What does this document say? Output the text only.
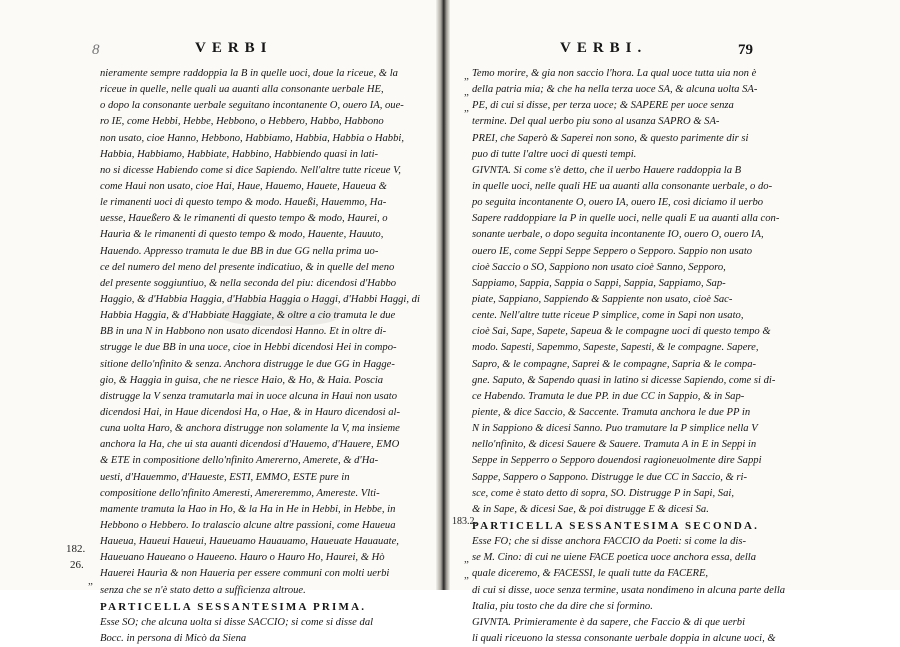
8	VERBI
nieramente sempre raddoppia la B in quelle uoci, doue la riceue, & la
riceue in quelle, nelle quali ua auanti alla consonante uerbale HE,
o dopo la consonante uerbale seguitano incontanente O, ouero IA, oue-
ro IE, come Hebbi, Hebbe, Hebbono, o Hebbero, Habbo, Habbono
non usato, cioe Hanno, Hebbono, Habbiamo, Habbia, Habbia o Habbi,
Habbia, Habbiamo, Habbiate, Habbino, Habbiendo quasi in lati-
no si dicesse Habiendo come si dice Sapiendo. Nell'altre tutte riceue V,
come Haui non usato, cioe Hai, Haue, Hauemo, Hauete, Haueua &
le rimanenti uoci di questo tempo & modo. Haueßi, Hauemmo, Ha-
uesse, Haueßero & le rimanenti di questo tempo & modo, Haurei, o
Haurìa & le rimanenti di questo tempo & modo, Hauente, Hauuto,
Hauendo. Appresso tramuta le due BB in due GG nella prima uo-
ce del numero del meno del presente indicatiuo, & in quelle del meno
del presente soggiuntiuo, & nella seconda del piu: dicendosi d'Habbo
Haggio, & d'Habbia Haggia, d'Habbia Haggia o Haggi, d'Habbi Haggi, di
Habbia Haggia, & d'Habbiate Haggiate, & oltre a cio tramuta le due
BB in una N in Habbono non usato dicendosi Hanno. Et in oltre di-
strugge le due BB in una uoce, cioe in Hebbi dicendosi Hei in compo-
sitione dello'nfinito & senza. Anchora distrugge le due GG in Hagge-
gio, & Haggia in guisa, che ne riesce Haio, & Ho, & Haia. Poscia
distrugge la V senza tramutarla mai in uoce alcuna in Haui non usato
dicendosi Hai, in Haue dicendosi Ha, o Hae, & in Hauro dicendosi al-
cuna uolta Haro, & anchora distrugge non solamente la V, ma insieme
anchora la Ha, che ui sta auanti dicendosi d'Hauemo, d'Hauere, EMO
& ETE in compositione dello'nfinito Amererno, Amerete, & d'Ha-
uesti, d'Hauemmo, d'Haueste, ESTI, EMMO, ESTE pure in
compositione dello'nfinito Ameresti, Amereremmo, Amereste. Vlti-
mamente tramuta la Hao in Ho, & la Ha in He in Hebbi, in Hebbe, in
Hebbono o Hebbero. Io tralascio alcune altre passioni, come Haueua
Haueua, Haueui Haueui, Haueuamo Hauauamo, Haueuate Hauauate,
Haueuano Haueano o Haueeno. Hauro o Hauro Ho, Haurei, & Hò
Hauerei Haurìa & non Haueria per essere communi con molti uerbi
senza che se n'è stato detto a sufficienza altroue.
PARTICELLA SESSANTESIMA PRIMA.
Esse SO; che alcuna uolta si disse SACCIO; si come si disse dal
Bocc. in persona di Micò da Siena
182.
26.
„
VERBI.	79
Temo morire, & gia non saccio l'hora. La qual uoce tutta uia non è
della patria mia; & che ha nella terza uoce SA, & alcuna uolta SA-
PE, di cui si disse, per terza uoce; & SAPERE per uoce senza
termine. Del qual uerbo piu sono al usanza SAPRO & SA-
PREI, che Saperò & Saperei non sono, & questo parimente dir si
puo di tutte l'altre uoci di questi tempi.
GIVNTA. Si come s'è detto, che il uerbo Hauere raddoppia la B
in quelle uoci, nelle quali HE ua auanti alla consonante uerbale, o do-
po seguita incontanente O, ouero IA, ouero IE, così diciamo il uerbo
Sapere raddoppiare la P in quelle uoci, nelle quali E ua auanti alla con-
sonante uerbale, o dopo seguita incontanente IO, ouero O, ouero IA,
ouero IE, come Seppi Seppe Seppero o Sepporo. Sappio non usato
cioè Saccio o SO, Sappiono non usato cioè Sanno, Sepporo,
Sappiamo, Sappia, Sappia o Sappi, Sappia, Sappiamo, Sap-
piate, Sappiano, Sappiendo & Sappiente non usato, cioè Sac-
cente. Nell'altre tutte riceue P simplice, come in Sapi non usato,
cioè Sai, Sape, Sapete, Sapeua & le compagne uoci di questo tempo &
modo. Sapesti, Sapemmo, Sapeste, Sapesti, & le compagne. Sapere,
Sapro, & le compagne, Saprei & le compagne, Sapria & le compa-
gne. Saputo, & Sapendo quasi in latino si dicesse Sapiendo, come si di-
ce Habendo. Tramuta le due PP. in due CC in Sappio, & in Sap-
piente, & dice Saccio, & Saccente. Tramuta anchora le due PP in
N in Sappiono & dicesi Sanno. Puo tramutare la P simplice nella V
nello'nfinito, & dicesi Sauere & Sauere. Tramuta A in E in Seppi in
Seppe in Sepperro o Sepporo douendosi ragioneuolmente dire Sappi
Sappe, Sappero o Sappono. Distrugge le due CC in Saccio, & ri-
sce, come è stato detto di sopra, SO. Distrugge P in Sapi, Sai,
& in Sape, & dicesi Sae, & poi distrugge E & dicesi Sa.
PARTICELLA SESSANTESIMA SECONDA.
Esse FO; che si disse anchora FACCIO da Poeti: si come la dis-
se M. Cino: di cui ne uiene FACE poetica uoce anchora essa, della
quale diceremo, & FACESSI, le quali tutte da FACERE,
di cui si disse, uoce senza termine, usata nondimeno in alcuna parte della
Italia, piu tosto che da dire che si formino.
GIVNTA. Primieramente è da sapere, che Faccio & di que uerbi
li quali riceuono la stessa consonante uerbale doppia in alcune uoci, &
183.2.
„
„
„
„
„
